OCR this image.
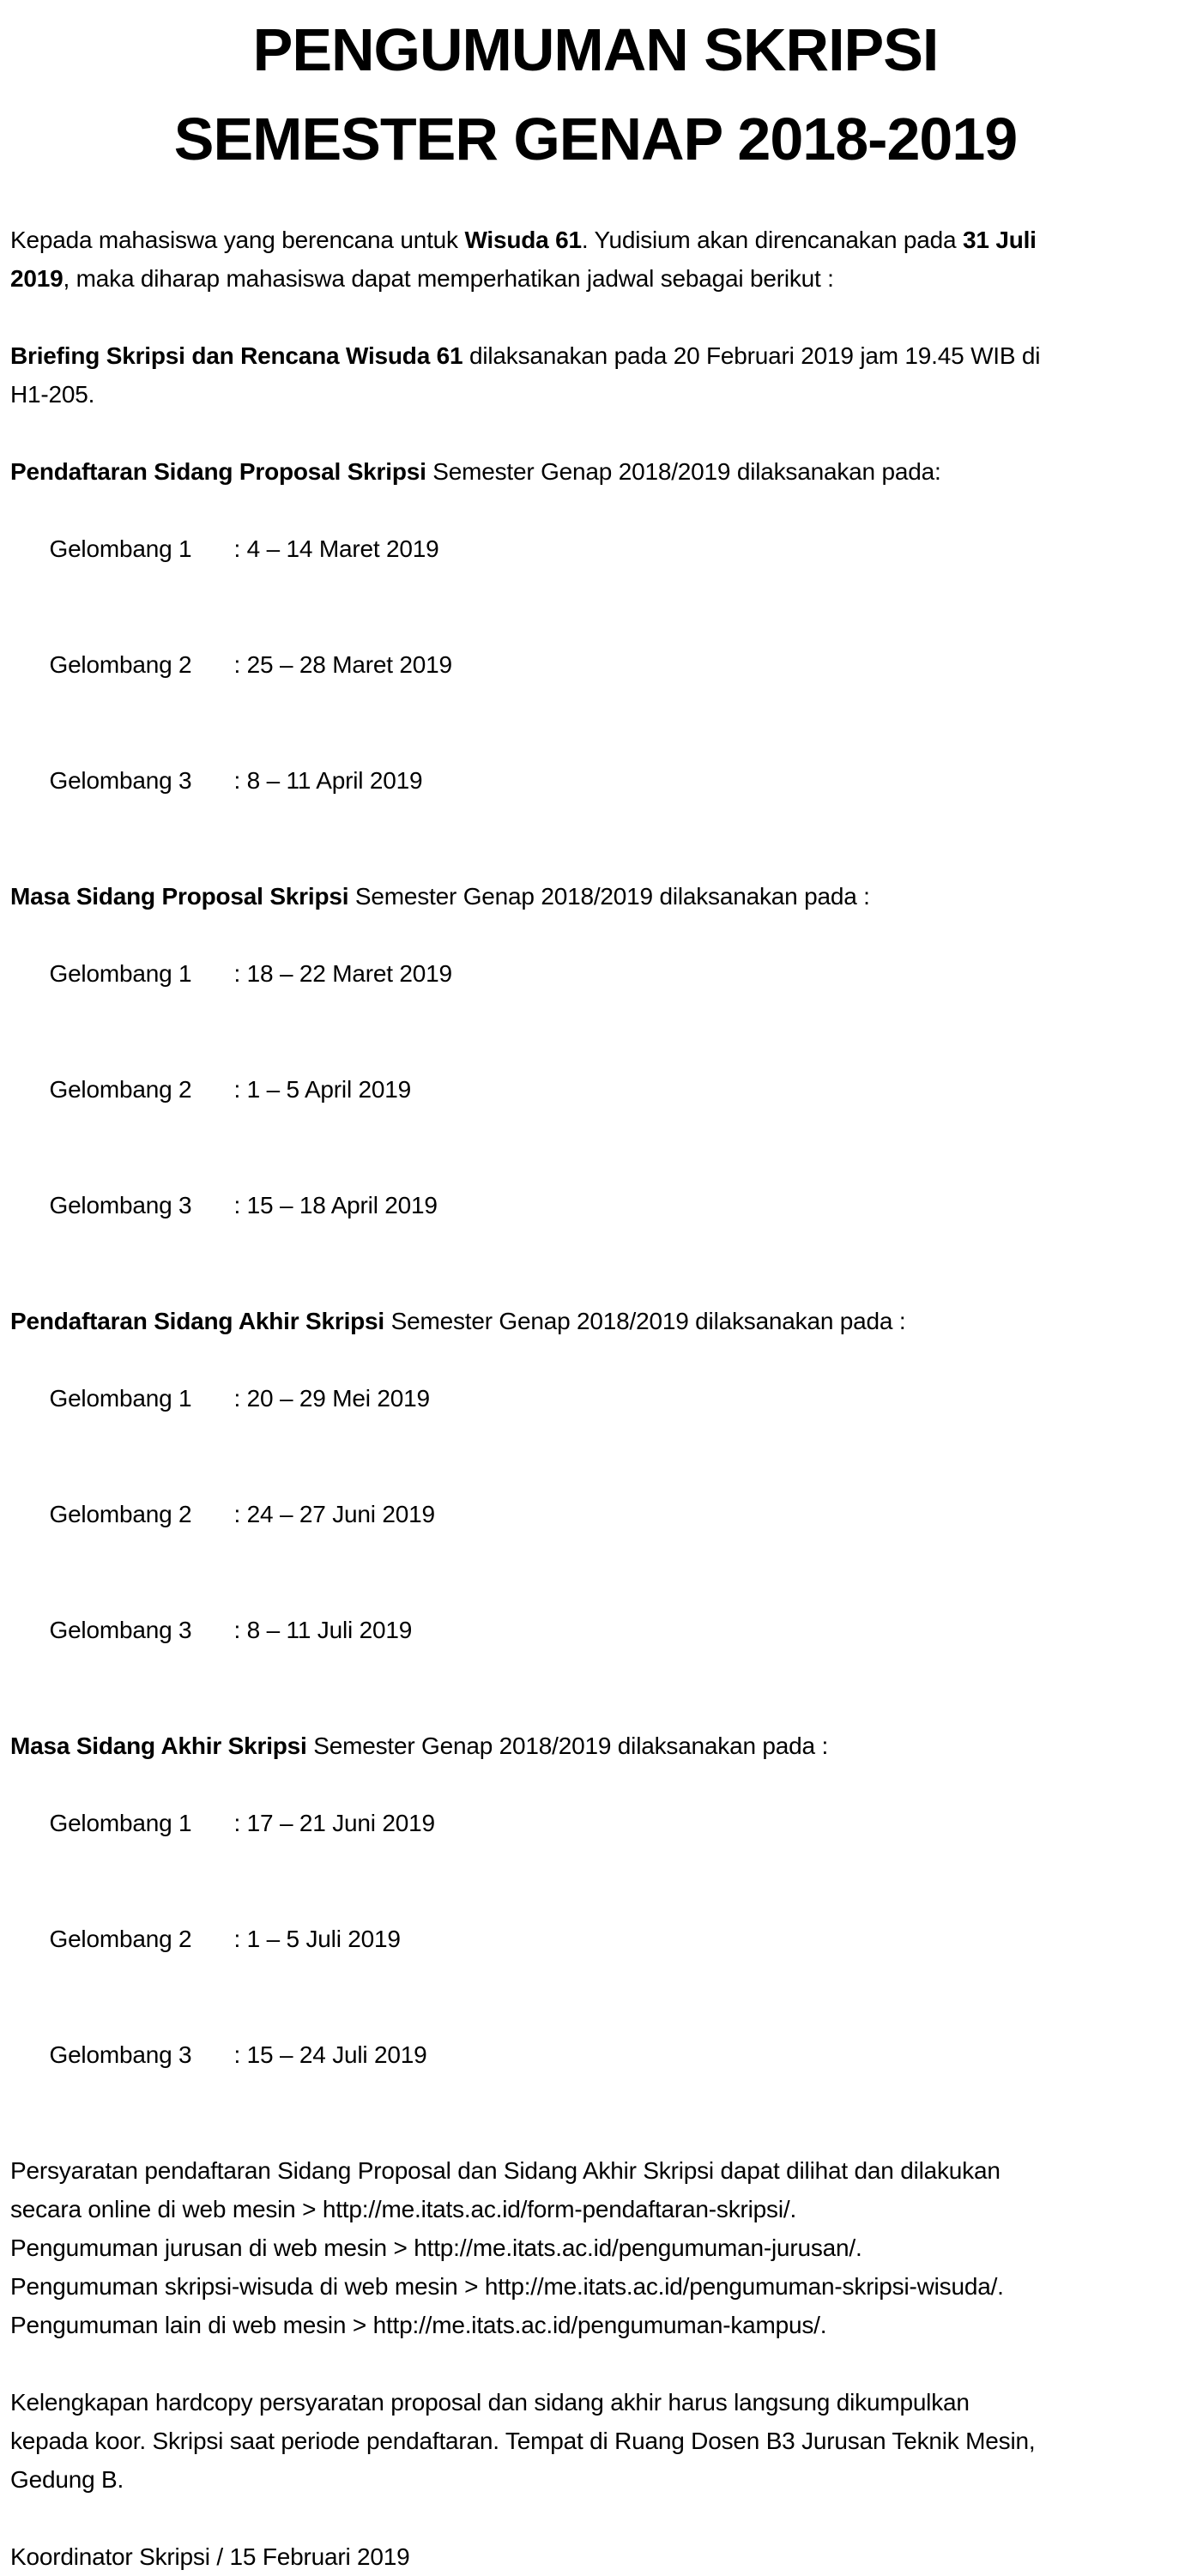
PENGUMUMAN SKRIPSI
SEMESTER GENAP 2018-2019
Kepada mahasiswa yang berencana untuk Wisuda 61. Yudisium akan direncanakan pada 31 Juli
2019, maka diharap mahasiswa dapat memperhatikan jadwal sebagai berikut :
Briefing Skripsi dan Rencana Wisuda 61 dilaksanakan pada 20 Februari 2019 jam 19.45 WIB di
H1-205.
Pendaftaran Sidang Proposal Skripsi Semester Genap 2018/2019 dilaksanakan pada:

Gelombang 1 : 4 – 14 Maret 2019

Gelombang 2 : 25 – 28 Maret 2019

Gelombang 3 : 8 – 11 April 2019

Masa Sidang Proposal Skripsi Semester Genap 2018/2019 dilaksanakan pada :

Gelombang 1 : 18 – 22 Maret 2019

Gelombang 2 : 1 – 5 April 2019

Gelombang 3 : 15 – 18 April 2019

Pendaftaran Sidang Akhir Skripsi Semester Genap 2018/2019 dilaksanakan pada :

Gelombang 1 : 20 – 29 Mei 2019

Gelombang 2 : 24 – 27 Juni 2019

Gelombang 3 : 8 – 11 Juli 2019

Masa Sidang Akhir Skripsi Semester Genap 2018/2019 dilaksanakan pada :

Gelombang 1 : 17 – 21 Juni 2019

Gelombang 2 : 1 – 5 Juli 2019

Gelombang 3 : 15 – 24 Juli 2019

Persyaratan pendaftaran Sidang Proposal dan Sidang Akhir Skripsi dapat dilihat dan dilakukan
secara online di web mesin > http://me.itats.ac.id/form-pendaftaran-skripsi/.
Pengumuman jurusan di web mesin > http://me.itats.ac.id/pengumuman-jurusan/.
Pengumuman skripsi-wisuda di web mesin > http://me.itats.ac.id/pengumuman-skripsi-wisuda/.
Pengumuman lain di web mesin > http://me.itats.ac.id/pengumuman-kampus/.
Kelengkapan hardcopy persyaratan proposal dan sidang akhir harus langsung dikumpulkan
kepada koor. Skripsi saat periode pendaftaran. Tempat di Ruang Dosen B3 Jurusan Teknik Mesin,
Gedung B.
Koordinator Skripsi / 15 Februari 2019
